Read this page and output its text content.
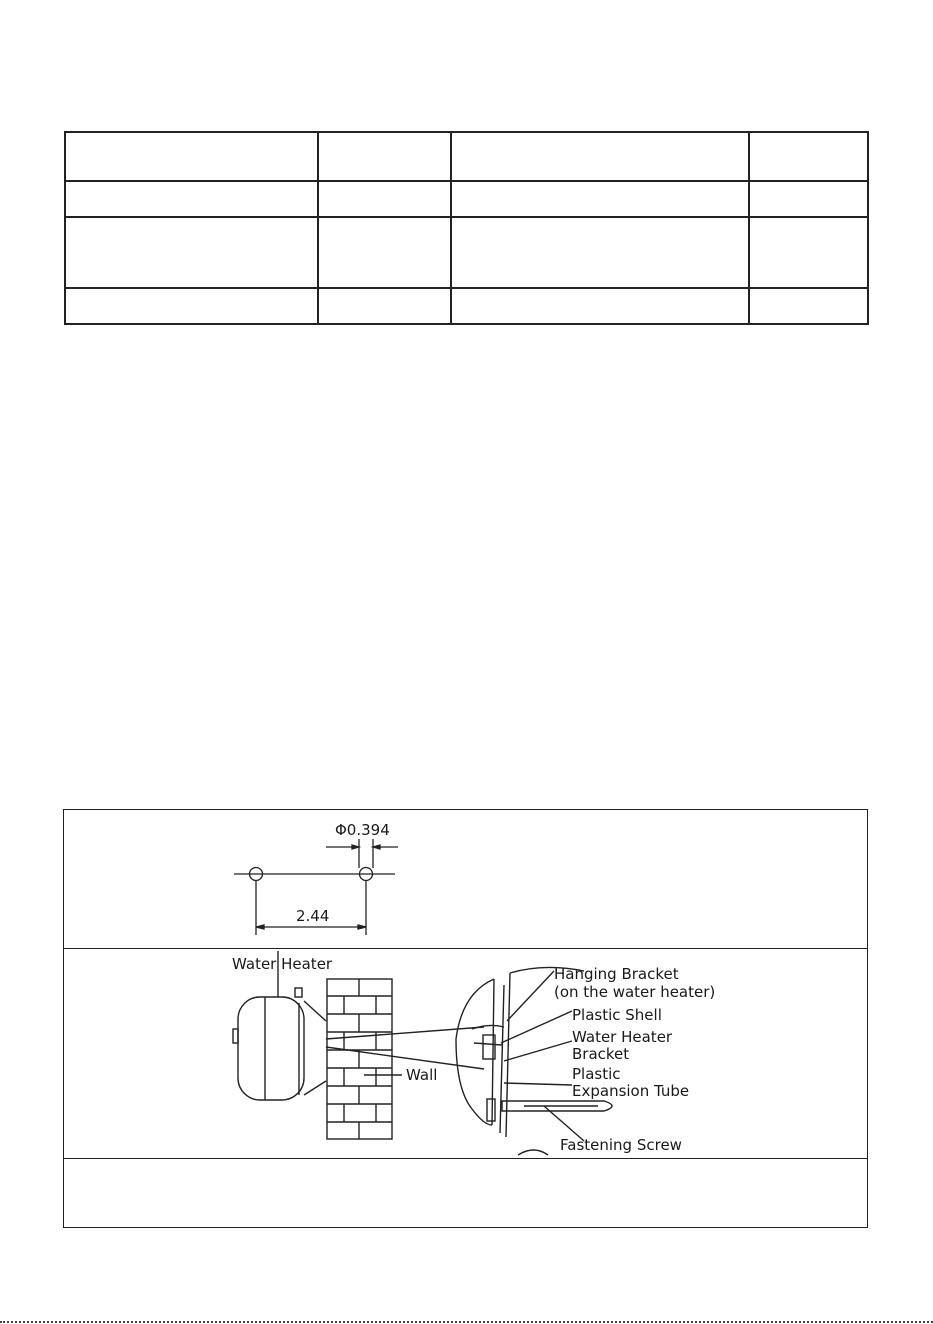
Φ0.394
2.44
Water Heater
Wall
Hanging Bracket
(on the water heater)
Plastic Shell
Water Heater
Bracket
Plastic
Expansion Tube
Fastening Screw
